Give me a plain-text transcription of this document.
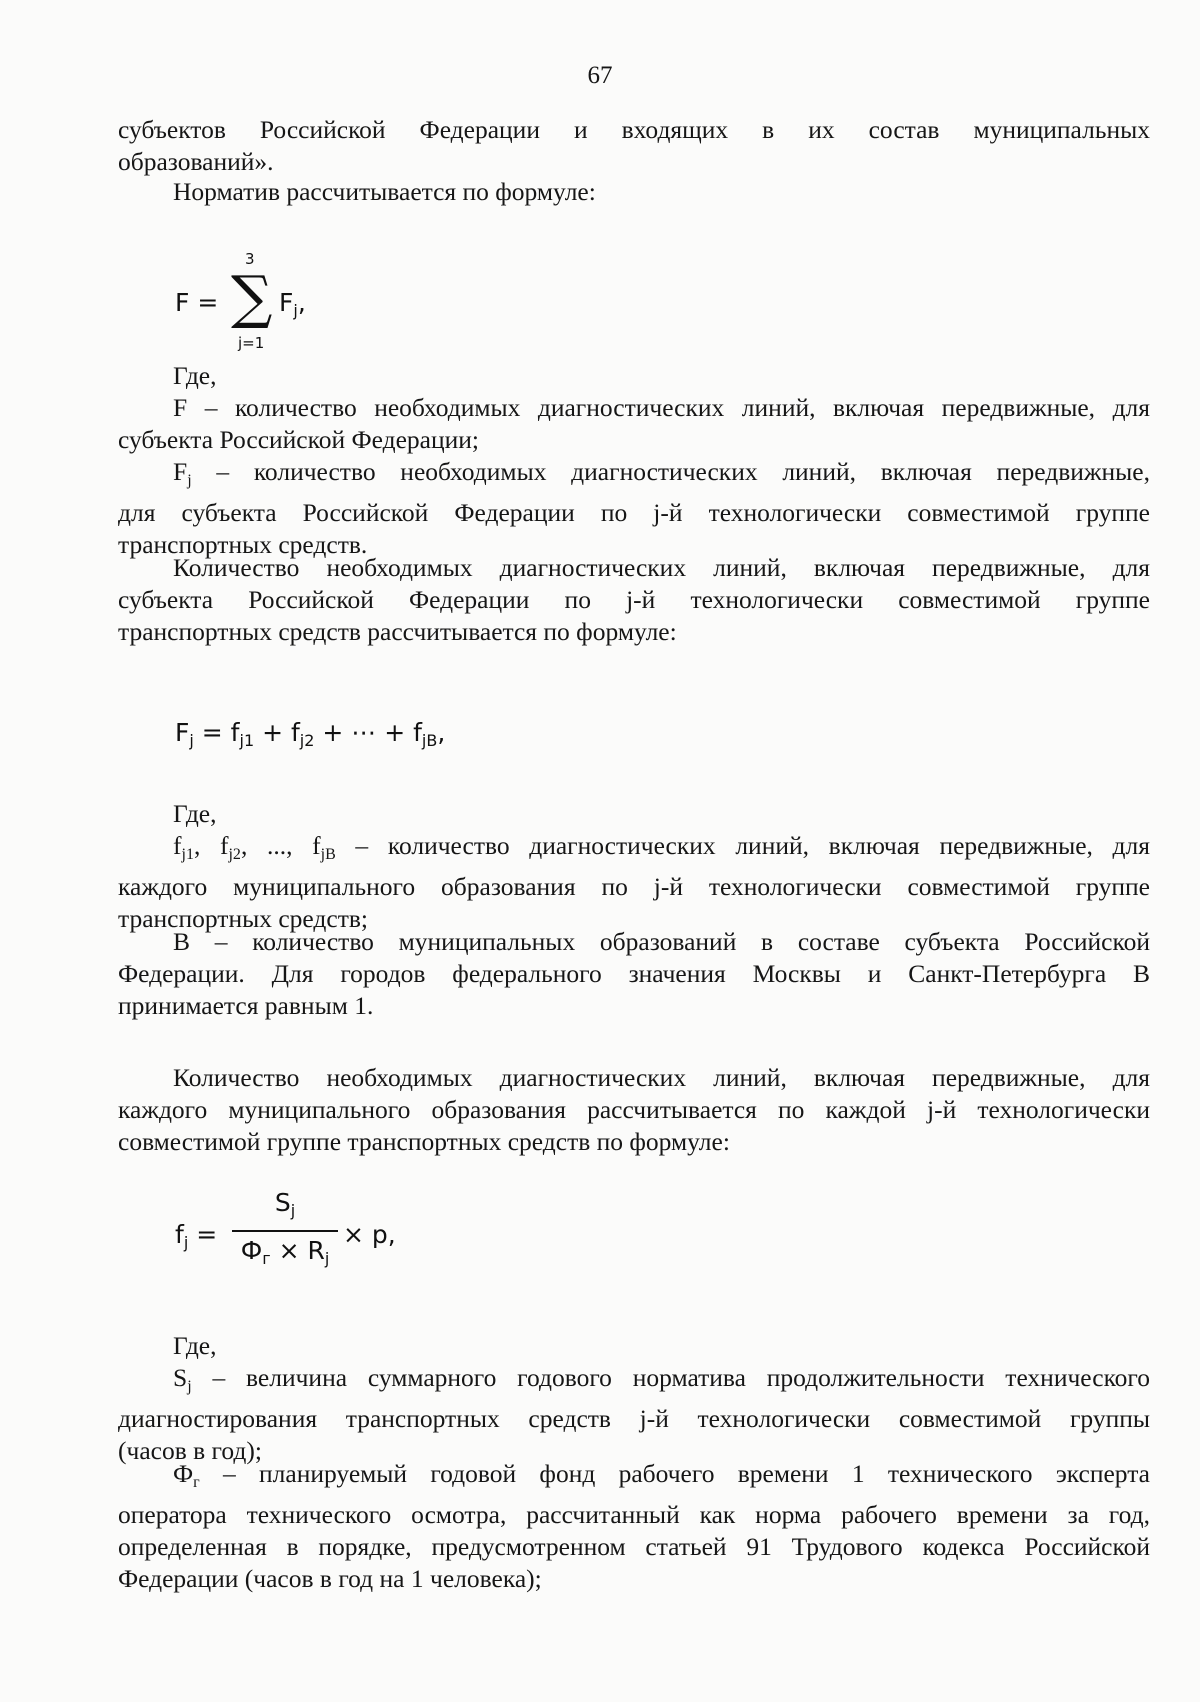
67
субъектов Российской Федерации и входящих в их состав муниципальных
образований».
Норматив рассчитывается по формуле:
F =
3
∑
j=1
$F_j$,
Где,
F – количество необходимых диагностических линий, включая передвижные, для
субъекта Российской Федерации;
$F_j$ – количество необходимых диагностических линий, включая передвижные,
для субъекта Российской Федерации по j-й технологически совместимой группе
транспортных средств.
Количество необходимых диагностических линий, включая передвижные, для
субъекта Российской Федерации по j-й технологически совместимой группе
транспортных средств рассчитывается по формуле:
$F_j = f_{j1} + f_{j2}$ + ⋯ + $f_{jB}$,
Где,
$f_{j1}$, $f_{j2}$, ..., $f_{jB}$ – количество диагностических линий, включая передвижные, для
каждого муниципального образования по j-й технологически совместимой группе
транспортных средств;
В – количество муниципальных образований в составе субъекта Российской
Федерации. Для городов федерального значения Москвы и Санкт-Петербурга В
принимается равным 1.
Количество необходимых диагностических линий, включая передвижные, для
каждого муниципального образования рассчитывается по каждой j-й технологически
совместимой группе транспортных средств по формуле:
$f_j$ =
$S_j$
$Ф_г \times R_j$
× p,
Где,
$S_j$ – величина суммарного годового норматива продолжительности технического
диагностирования транспортных средств j-й технологически совместимой группы
(часов в год);
$Ф_г$ – планируемый годовой фонд рабочего времени 1 технического эксперта
оператора технического осмотра, рассчитанный как норма рабочего времени за год,
определенная в порядке, предусмотренном статьей 91 Трудового кодекса Российской
Федерации (часов в год на 1 человека);
